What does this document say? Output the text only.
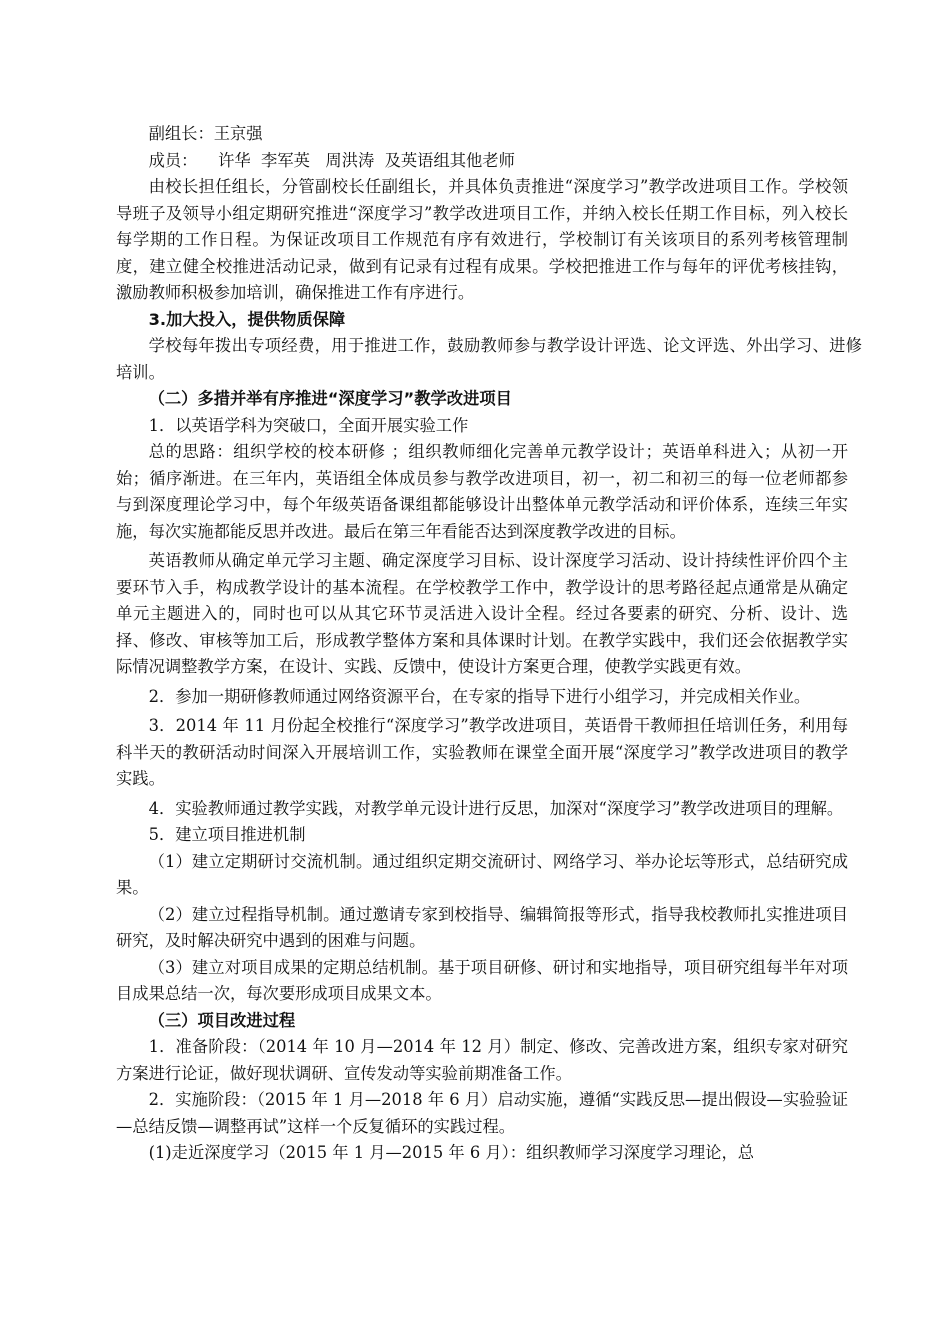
副组长：王京强

成员：    许华  李军英   周洪涛  及英语组其他老师

由校长担任组长，分管副校长任副组长，并具体负责推进“深度学习”教学改进项目工作。学校领导班子及领导小组定期研究推进“深度学习”教学改进项目工作，并纳入校长任期工作目标，列入校长每学期的工作日程。为保证改项目工作规范有序有效进行，学校制订有关该项目的系列考核管理制度，建立健全校推进活动记录，做到有记录有过程有成果。学校把推进工作与每年的评优考核挂钩，激励教师积极参加培训，确保推进工作有序进行。

3.加大投入，提供物质保障

学校每年拨出专项经费，用于推进工作，鼓励教师参与教学设计评选、论文评选、外出学习、进修培训。

（二）多措并举有序推进“深度学习”教学改进项目

1．以英语学科为突破口，全面开展实验工作

总的思路：组织学校的校本研修 ；组织教师细化完善单元教学设计；英语单科进入；从初一开始；循序渐进。在三年内，英语组全体成员参与教学改进项目，初一，初二和初三的每一位老师都参与到深度理论学习中，每个年级英语备课组都能够设计出整体单元教学活动和评价体系，连续三年实施，每次实施都能反思并改进。最后在第三年看能否达到深度教学改进的目标。

英语教师从确定单元学习主题、确定深度学习目标、设计深度学习活动、设计持续性评价四个主要环节入手，构成教学设计的基本流程。在学校教学工作中，教学设计的思考路径起点通常是从确定单元主题进入的，同时也可以从其它环节灵活进入设计全程。经过各要素的研究、分析、设计、选择、修改、审核等加工后，形成教学整体方案和具体课时计划。在教学实践中，我们还会依据教学实际情况调整教学方案，在设计、实践、反馈中，使设计方案更合理，使教学实践更有效。

2．参加一期研修教师通过网络资源平台，在专家的指导下进行小组学习，并完成相关作业。

3．2014 年 11 月份起全校推行“深度学习”教学改进项目，英语骨干教师担任培训任务，利用每科半天的教研活动时间深入开展培训工作，实验教师在课堂全面开展“深度学习”教学改进项目的教学实践。

4．实验教师通过教学实践，对教学单元设计进行反思，加深对“深度学习”教学改进项目的理解。

5．建立项目推进机制

（1）建立定期研讨交流机制。通过组织定期交流研讨、网络学习、举办论坛等形式，总结研究成果。

（2）建立过程指导机制。通过邀请专家到校指导、编辑简报等形式，指导我校教师扎实推进项目研究，及时解决研究中遇到的困难与问题。

（3）建立对项目成果的定期总结机制。基于项目研修、研讨和实地指导，项目研究组每半年对项目成果总结一次，每次要形成项目成果文本。

（三）项目改进过程

1．准备阶段：（2014 年 10 月—2014 年 12 月）制定、修改、完善改进方案，组织专家对研究方案进行论证，做好现状调研、宣传发动等实验前期准备工作。

2．实施阶段：（2015 年 1 月—2018 年 6 月）启动实施，遵循“实践反思—提出假设—实验验证—总结反馈—调整再试”这样一个反复循环的实践过程。

(1)走近深度学习（2015 年 1 月—2015 年 6 月）：组织教师学习深度学习理论，总
